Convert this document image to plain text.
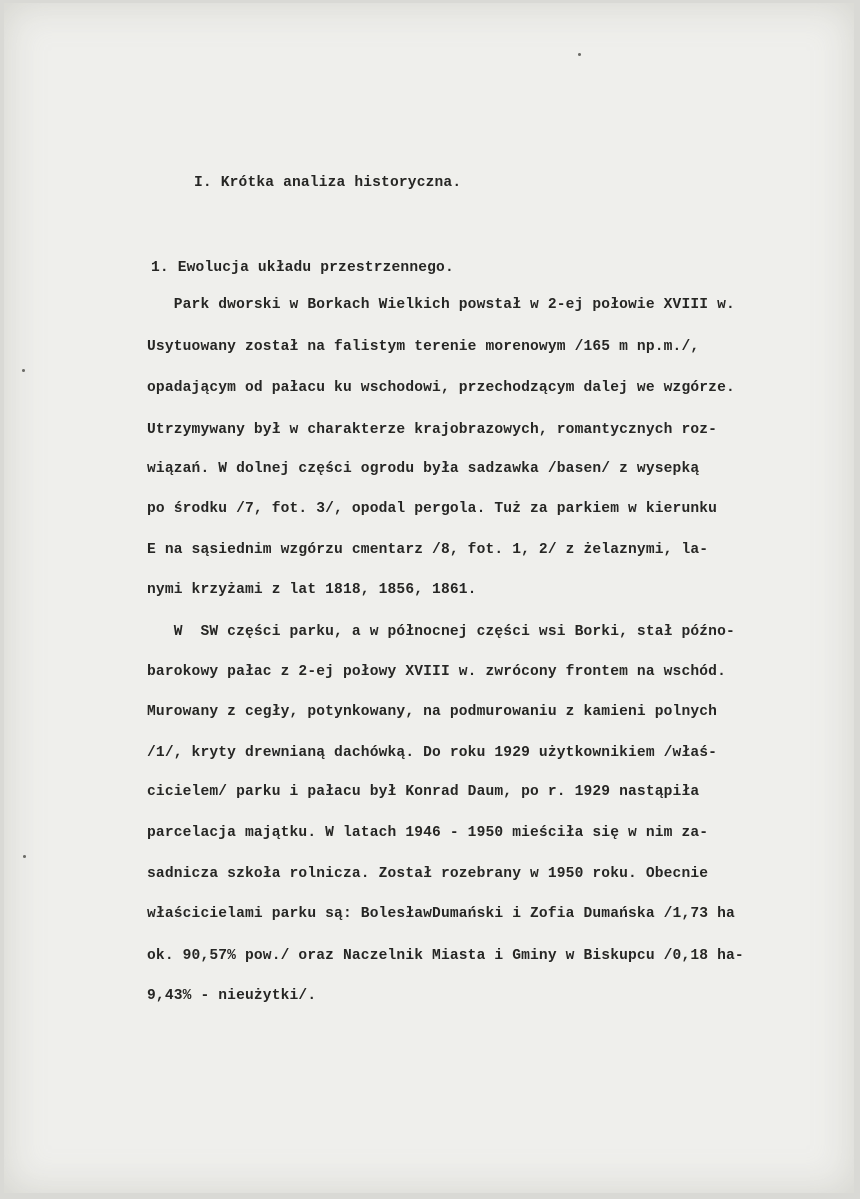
I. Krótka analiza historyczna.
1. Ewolucja układu przestrzennego.
Park dworski w Borkach Wielkich powstał w 2-ej połowie XVIII w.
Usytuowany został na falistym terenie morenowym /165 m np.m./,
opadającym od pałacu ku wschodowi, przechodzącym dalej we wzgórze.
Utrzymywany był w charakterze krajobrazowych, romantycznych roz-
wiązań. W dolnej części ogrodu była sadzawka /basen/ z wysepką
po środku /7, fot. 3/, opodal pergola. Tuż za parkiem w kierunku
E na sąsiednim wzgórzu cmentarz /8, fot. 1, 2/ z żelaznymi, la-
nymi krzyżami z lat 1818, 1856, 1861.
W  SW części parku, a w północnej części wsi Borki, stał późno-
barokowy pałac z 2-ej połowy XVIII w. zwrócony frontem na wschód.
Murowany z cegły, potynkowany, na podmurowaniu z kamieni polnych
/1/, kryty drewnianą dachówką. Do roku 1929 użytkownikiem /właś-
cicielem/ parku i pałacu był Konrad Daum, po r. 1929 nastąpiła
parcelacja majątku. W latach 1946 - 1950 mieściła się w nim za-
sadnicza szkoła rolnicza. Został rozebrany w 1950 roku. Obecnie
właścicielami parku są: BolesławDumański i Zofia Dumańska /1,73 ha
ok. 90,57% pow./ oraz Naczelnik Miasta i Gminy w Biskupcu /0,18 ha-
9,43% - nieużytki/.
